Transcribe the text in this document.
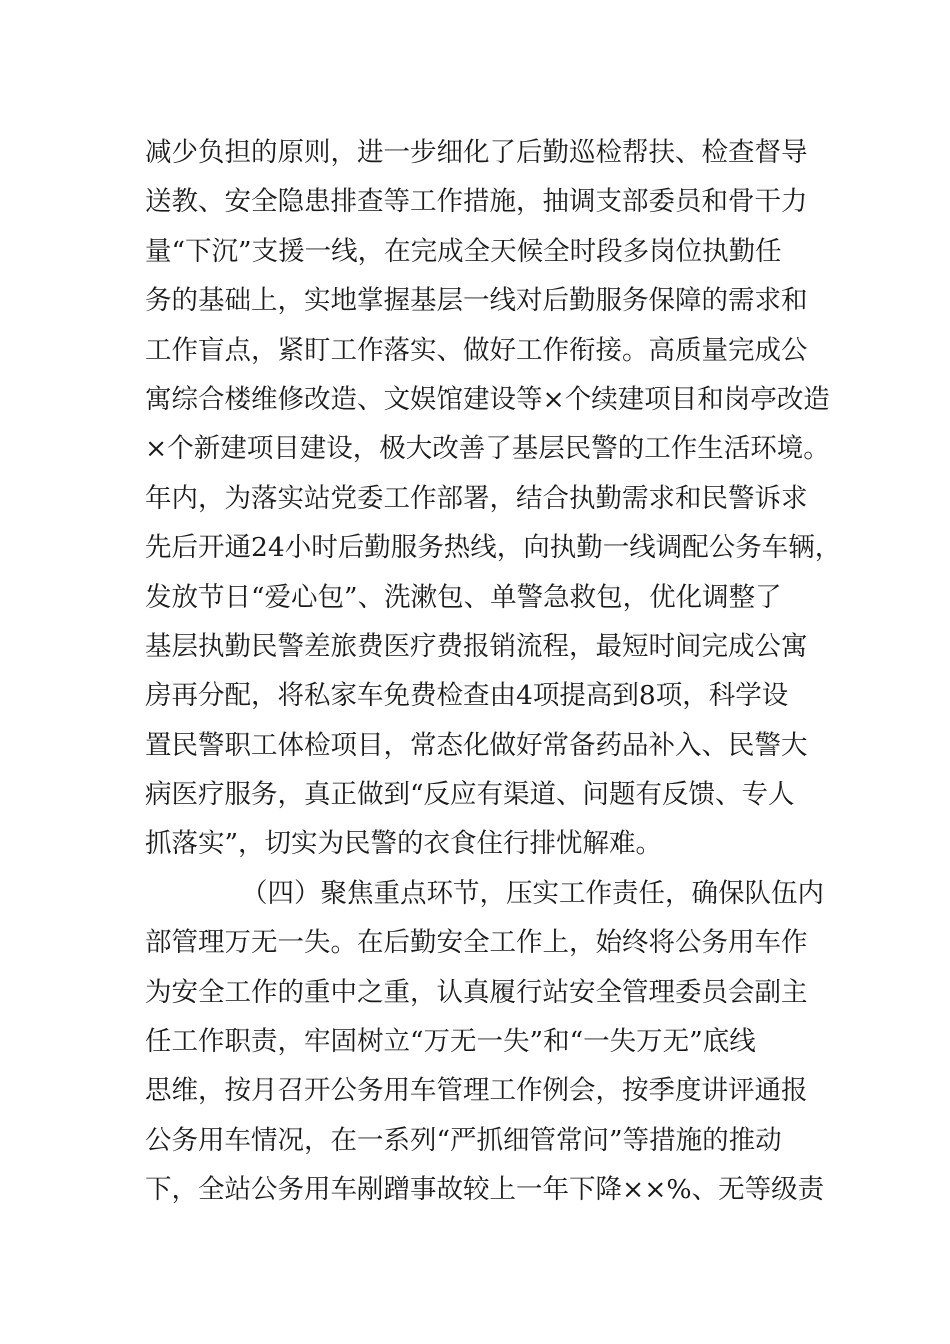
减少负担的原则，进一步细化了后勤巡检帮扶、检查督导
送教、安全隐患排查等工作措施，抽调支部委员和骨干力
量“下沉”支援一线，在完成全天候全时段多岗位执勤任
务的基础上，实地掌握基层一线对后勤服务保障的需求和
工作盲点，紧盯工作落实、做好工作衔接。高质量完成公
寓综合楼维修改造、文娱馆建设等×个续建项目和岗亭改造
×个新建项目建设，极大改善了基层民警的工作生活环境。
年内，为落实站党委工作部署，结合执勤需求和民警诉求
先后开通24小时后勤服务热线，向执勤一线调配公务车辆，
发放节日“爱心包”、洗漱包、单警急救包，优化调整了
基层执勤民警差旅费医疗费报销流程，最短时间完成公寓
房再分配，将私家车免费检查由4项提高到8项，科学设
置民警职工体检项目，常态化做好常备药品补入、民警大
病医疗服务，真正做到“反应有渠道、问题有反馈、专人
抓落实”，切实为民警的衣食住行排忧解难。
（四）聚焦重点环节，压实工作责任，确保队伍内
部管理万无一失。在后勤安全工作上，始终将公务用车作
为安全工作的重中之重，认真履行站安全管理委员会副主
任工作职责，牢固树立“万无一失”和“一失万无”底线
思维，按月召开公务用车管理工作例会，按季度讲评通报
公务用车情况，在一系列“严抓细管常问”等措施的推动
下，全站公务用车剐蹭事故较上一年下降××%、无等级责
